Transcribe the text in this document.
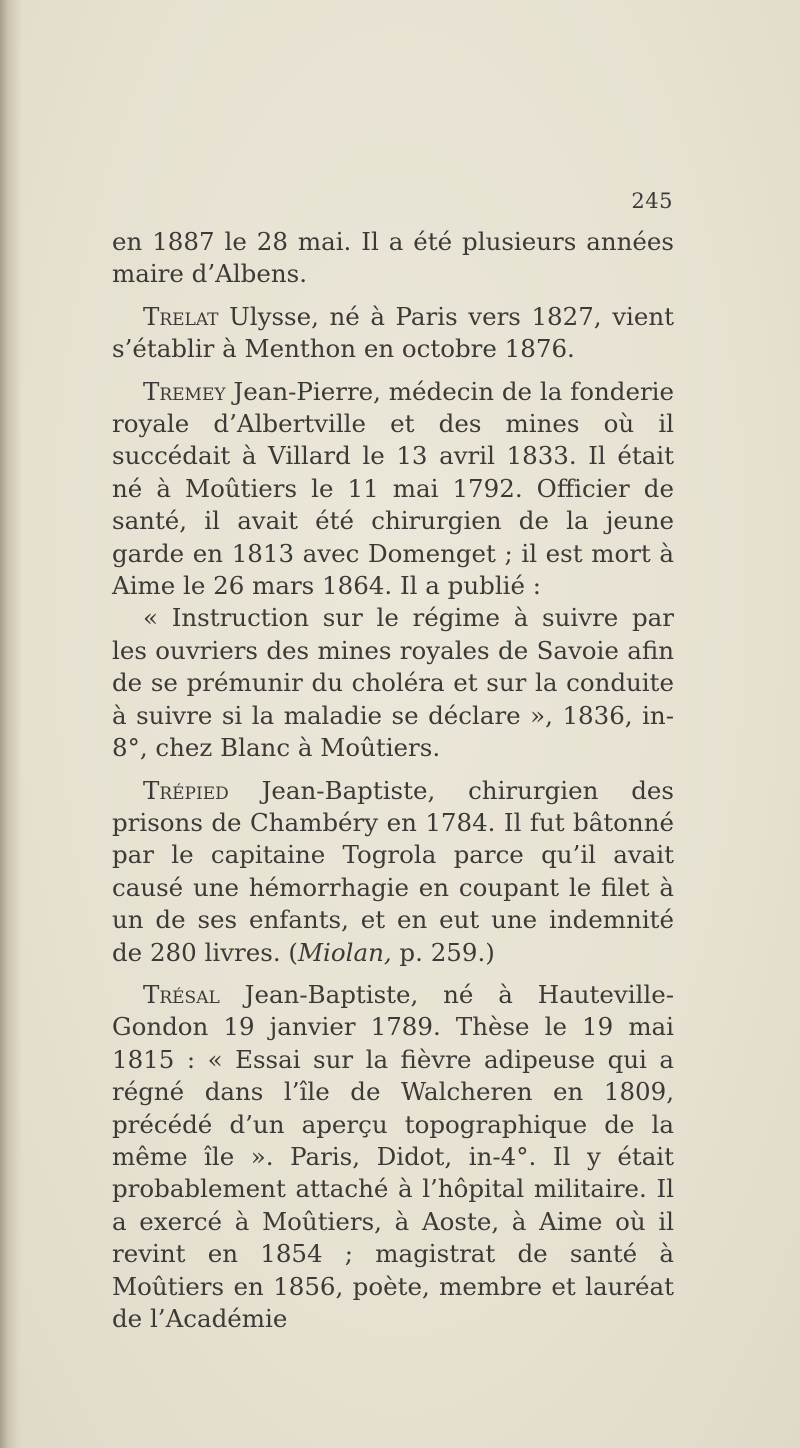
245

en 1887 le 28 mai. Il a été plusieurs années maire d’Albens.

Trelat Ulysse, né à Paris vers 1827, vient s’établir à Menthon en octobre 1876.

Tremey Jean-Pierre, médecin de la fonderie royale d’Albertville et des mines où il succédait à Villard le 13 avril 1833. Il était né à Moûtiers le 11 mai 1792. Officier de santé, il avait été chirurgien de la jeune garde en 1813 avec Domenget ; il est mort à Aime le 26 mars 1864. Il a publié :

« Instruction sur le régime à suivre par les ouvriers des mines royales de Savoie afin de se prémunir du choléra et sur la conduite à suivre si la maladie se déclare », 1836, in-8°, chez Blanc à Moûtiers.

Trépied Jean-Baptiste, chirurgien des prisons de Chambéry en 1784. Il fut bâtonné par le capitaine Togrola parce qu’il avait causé une hémorrhagie en coupant le filet à un de ses enfants, et en eut une indemnité de 280 livres. (Miolan, p. 259.)

Trésal Jean-Baptiste, né à Hauteville-Gondon 19 janvier 1789. Thèse le 19 mai 1815 : « Essai sur la fièvre adipeuse qui a régné dans l’île de Walcheren en 1809, précédé d’un aperçu topographique de la même île ». Paris, Didot, in-4°. Il y était probablement attaché à l’hôpital militaire. Il a exercé à Moûtiers, à Aoste, à Aime où il revint en 1854 ; magistrat de santé à Moûtiers en 1856, poète, membre et lauréat de l’Académie
